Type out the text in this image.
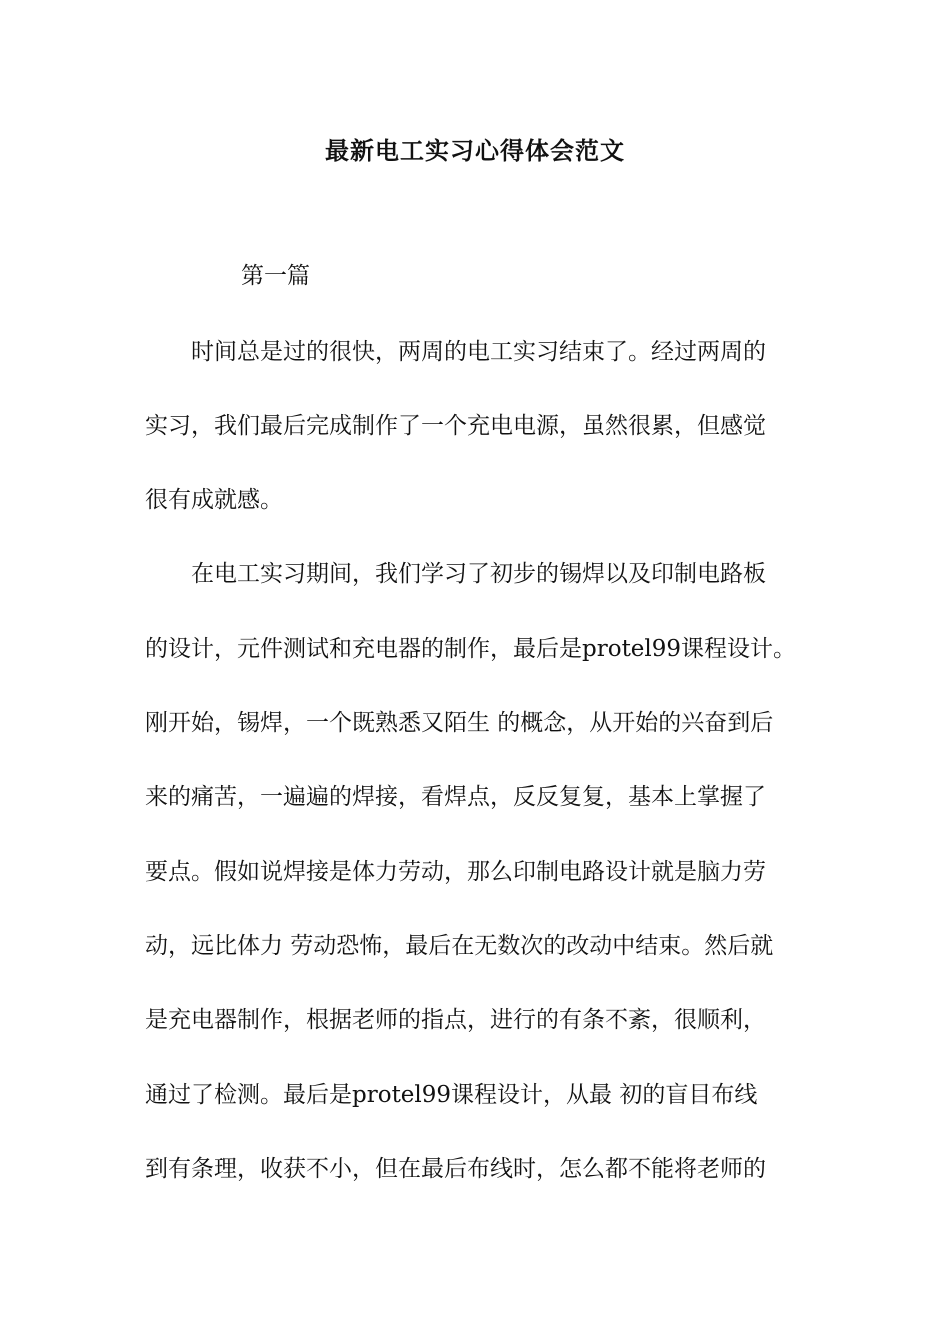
最新电工实习心得体会范文
第一篇
　　时间总是过的很快，两周的电工实习结束了。经过两周的
实习，我们最后完成制作了一个充电电源，虽然很累，但感觉
很有成就感。
　　在电工实习期间，我们学习了初步的锡焊以及印制电路板
的设计，元件测试和充电器的制作，最后是protel99课程设计。
刚开始，锡焊，一个既熟悉又陌生 的概念，从开始的兴奋到后
来的痛苦，一遍遍的焊接，看焊点，反反复复，基本上掌握了
要点。假如说焊接是体力劳动，那么印制电路设计就是脑力劳
动，远比体力 劳动恐怖，最后在无数次的改动中结束。然后就
是充电器制作，根据老师的指点，进行的有条不紊，很顺利，
通过了检测。最后是protel99课程设计，从最 初的盲目布线
到有条理，收获不小，但在最后布线时，怎么都不能将老师的
